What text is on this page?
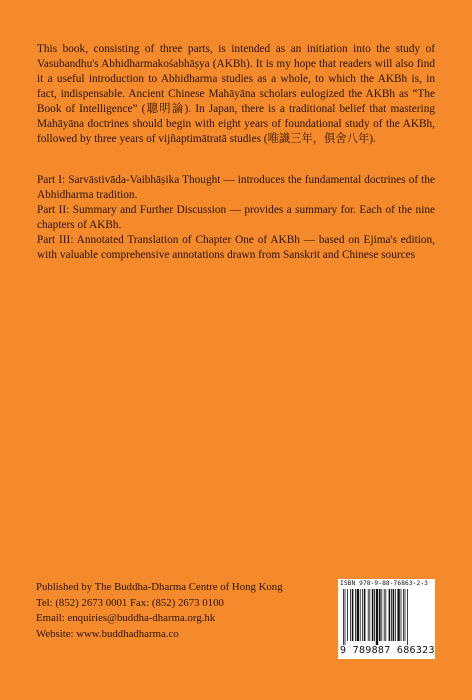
This book, consisting of three parts, is intended as an initiation into the study of Vasubandhu's Abhidharmakośabhāṣya (AKBh). It is my hope that readers will also find it a useful introduction to Abhidharma studies as a whole, to which the AKBh is, in fact, indispensable. Ancient Chinese Mahāyāna scholars eulogized the AKBh as “The Book of Intelligence” (聰明論). In Japan, there is a traditional belief that mastering Mahāyāna doctrines should begin with eight years of foundational study of the AKBh, followed by three years of vijñaptimātratā studies (唯識三年，俱舍八年).

Part I: Sarvāstivāda-Vaibhāṣika Thought — introduces the fundamental doctrines of the Abhidharma tradition.

Part II: Summary and Further Discussion — provides a summary for. Each of the nine chapters of AKBh.

Part III: Annotated Translation of Chapter One of AKBh — based on Ejima's edition, with valuable comprehensive annotations drawn from Sanskrit and Chinese sources

Published by The Buddha-Dharma Centre of Hong Kong
Tel: (852) 2673 0001 Fax: (852) 2673 0100
Email: enquiries@buddha-dharma.org.hk
Website: www.buddhadharma.co
ISBN 978-9-88-76863-2-3
9 789887 686323
